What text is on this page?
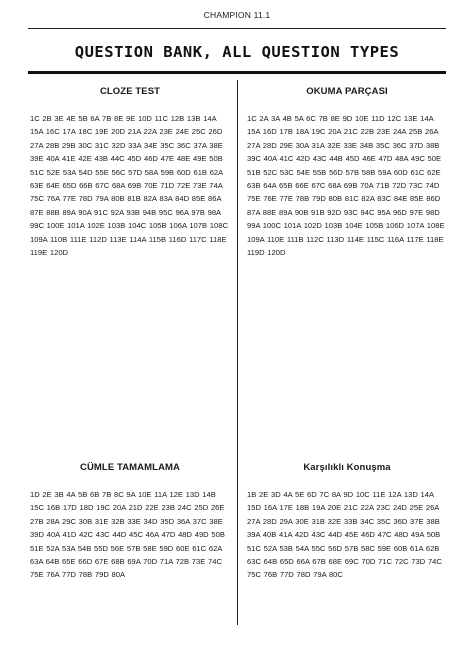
CHAMPION 11.1
QUESTION BANK, ALL QUESTION TYPES
CLOZE TEST

1C 2B 3E 4E 5B 6A 7B 8E 9E 10D 11C 12B 13B 14A 15A 16C 17A 18C 19E 20D 21A 22A 23E 24E 25C 26D 27A 28B 29B 30C 31C 32D 33A 34E 35C 36C 37A 38E 39E 40A 41E 42E 43B 44C 45D 46D 47E 48E 49E 50B 51C 52E 53A 54D 55E 56C 57D 58A 59B 60D 61B 62A 63E 64E 65D 66B 67C 68A 69B 70E 71D 72E 73E 74A 75C 76A 77E 78D 79A 80B 81B 82A 83A 84D 85E 86A 87E 88B 89A 90A 91C 92A 93B 94B 95C 96A 97B 98A 99C 100E 101A 102E 103B 104C 105B 106A 107B 108C 109A 110B 111E 112D 113E 114A 115B 116D 117C 118E 119E 120D

OKUMA PARÇASI

1C 2A 3A 4B 5A 6C 7B 8E 9D 10E 11D 12C 13E 14A 15A 16D 17B 18A 19C 20A 21C 22B 23E 24A 25B 26A 27A 28D 29E 30A 31A 32E 33E 34B 35C 36C 37D 38B 39C 40A 41C 42D 43C 44B 45D 46E 47D 48A 49C 50E 51B 52C 53C 54E 55B 56D 57B 58B 59A 60D 61C 62E 63B 64A 65B 66E 67C 68A 69B 70A 71B 72D 73C 74D 75E 76E 77E 78B 79D 80B 81C 82A 83C 84E 85E 86D 87A 88E 89A 90B 91B 92D 93C 94C 95A 96D 97E 98D 99A 100C 101A 102D 103B 104E 105B 106D 107A 108E 109A 110E 111B 112C 113D 114E 115C 116A 117E 118E 119D 120D

CÜMLE TAMAMLAMA

1D 2E 3B 4A 5B 6B 7B 8C 9A 10E 11A 12E 13D 14B 15C 16B 17D 18D 19C 20A 21D 22E 23B 24C 25D 26E 27B 28A 29C 30B 31E 32B 33E 34D 35D 36A 37C 38E 39D 40A 41D 42C 43C 44D 45C 46A 47D 48D 49D 50B 51E 52A 53A 54B 55D 56E 57B 58E 59D 60E 61C 62A 63A 64B 65E 66D 67E 68B 69A 70D 71A 72B 73E 74C 75E 76A 77D 78B 79D 80A

Karşılıklı Konuşma

1B 2E 3D 4A 5E 6D 7C 8A 9D 10C 11E 12A 13D 14A 15D 16A 17E 18B 19A 20E 21C 22A 23C 24D 25E 26A 27A 28D 29A 30E 31B 32E 33B 34C 35C 36D 37E 38B 39A 40B 41A 42D 43C 44D 45E 46D 47C 48D 49A 50B 51C 52A 53B 54A 55C 56D 57B 58C 59E 60B 61A 62B 63C 64B 65D 66A 67B 68E 69C 70D 71C 72C 73D 74C 75C 76B 77D 78D 79A 80C
